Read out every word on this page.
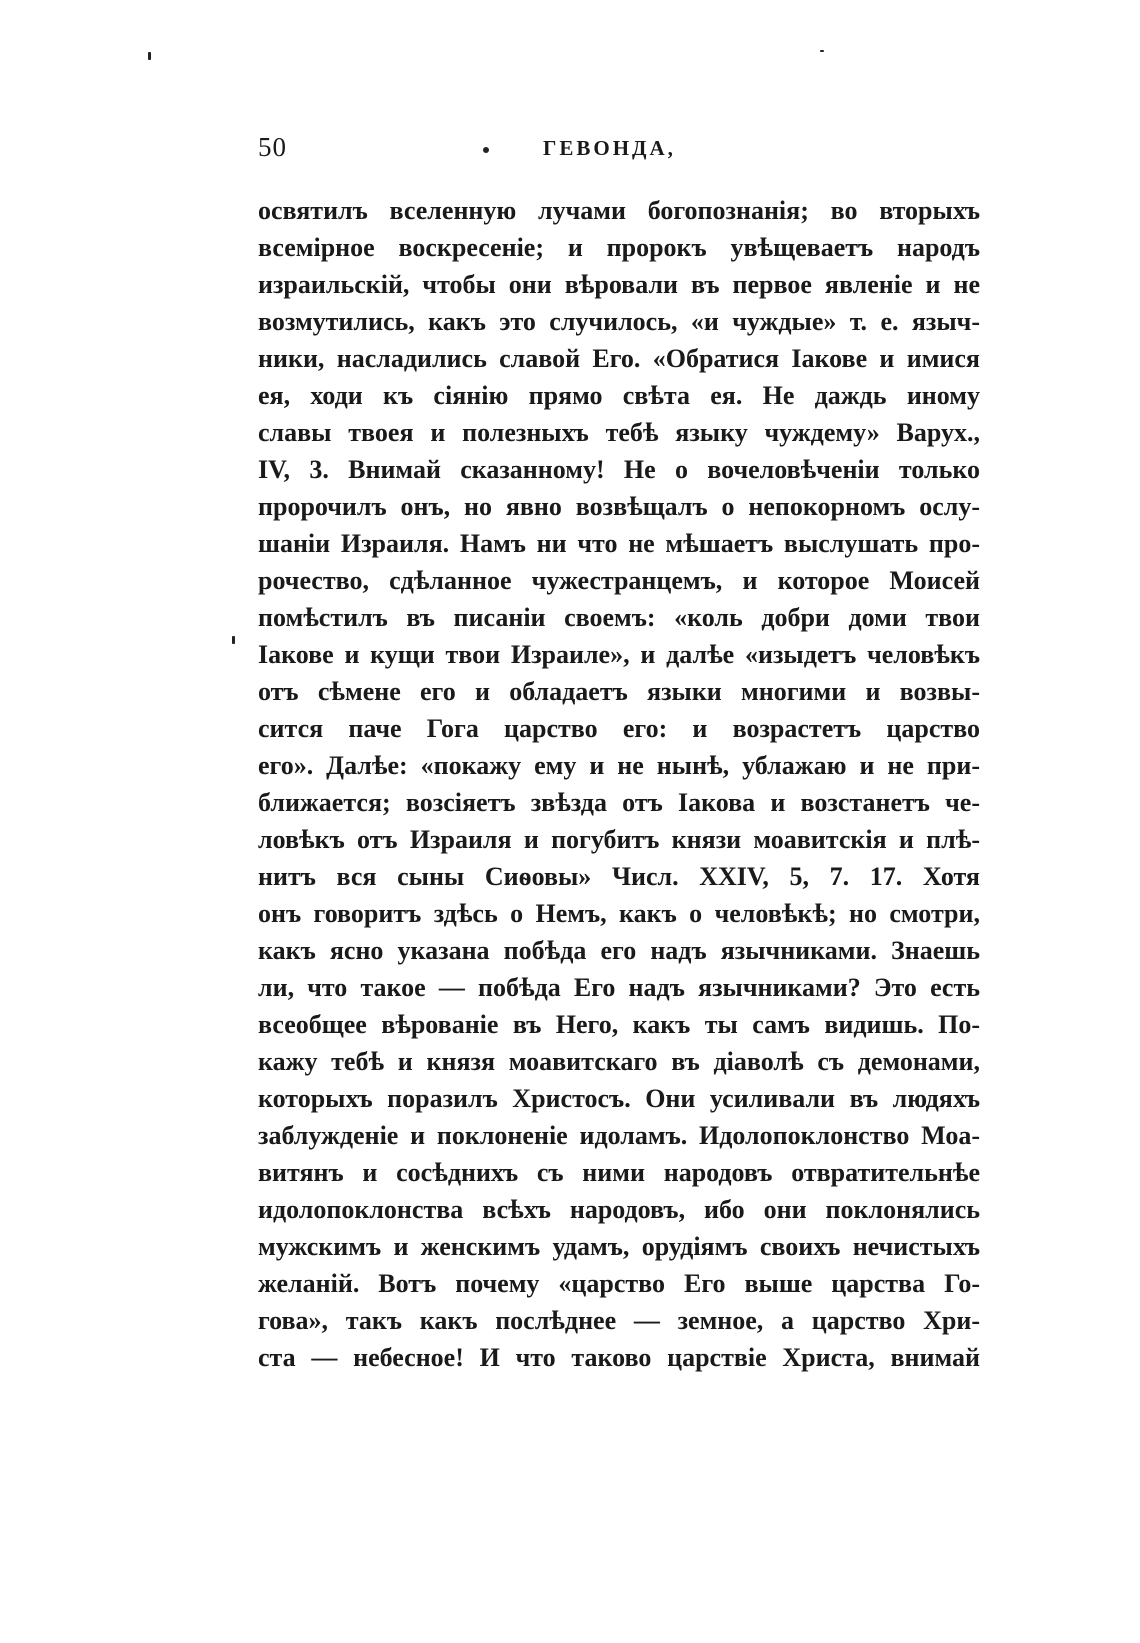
50	ГЕВОНДА,
освятилъ вселенную лучами богопознанія; во вторыхъ
всемірное воскресеніе; и пророкъ увѣщеваетъ народъ
израильскій, чтобы они вѣровали въ первое явленіе и не
возмутились, какъ это случилось, «и чуждые» т. е. языч-
ники, насладились славой Его. «Обратися Іакове и имися
ея, ходи къ сіянію прямо свѣта ея. Не даждь иному
славы твоея и полезныхъ тебѣ языку чуждему» Варух.,
IV, 3. Внимай сказанному! Не о вочеловѣченіи только
пророчилъ онъ, но явно возвѣщалъ о непокорномъ ослу-
шаніи Израиля. Намъ ни что не мѣшаетъ выслушать про-
рочество, сдѣланное чужестранцемъ, и которое Моисей
помѣстилъ въ писаніи своемъ: «коль добри доми твои
Іакове и кущи твои Израиле», и далѣе «изыдетъ человѣкъ
отъ сѣмене его и обладаетъ языки многими и возвы-
сится паче Гога царство его: и возрастетъ царство
его». Далѣе: «покажу ему и не нынѣ, ублажаю и не при-
ближается; возсіяетъ звѣзда отъ Іакова и возстанетъ че-
ловѣкъ отъ Израиля и погубитъ князи моавитскія и плѣ-
нитъ вся сыны Сиѳовы» Числ. XXIV, 5, 7. 17. Хотя
онъ говоритъ здѣсь о Немъ, какъ о человѣкѣ; но смотри,
какъ ясно указана побѣда его надъ язычниками. Знаешь
ли, что такое — побѣда Его надъ язычниками? Это есть
всеобщее вѣрованіе въ Него, какъ ты самъ видишь. По-
кажу тебѣ и князя моавитскаго въ діаволѣ съ демонами,
которыхъ поразилъ Христосъ. Они усиливали въ людяхъ
заблужденіе и поклоненіе идоламъ. Идолопоклонство Моа-
витянъ и сосѣднихъ съ ними народовъ отвратительнѣе
идолопоклонства всѣхъ народовъ, ибо они поклонялись
мужскимъ и женскимъ удамъ, орудіямъ своихъ нечистыхъ
желаній. Вотъ почему «царство Его выше царства Го-
гова», такъ какъ послѣднее — земное, а царство Хри-
ста — небесное! И что таково царствіе Христа, внимай
